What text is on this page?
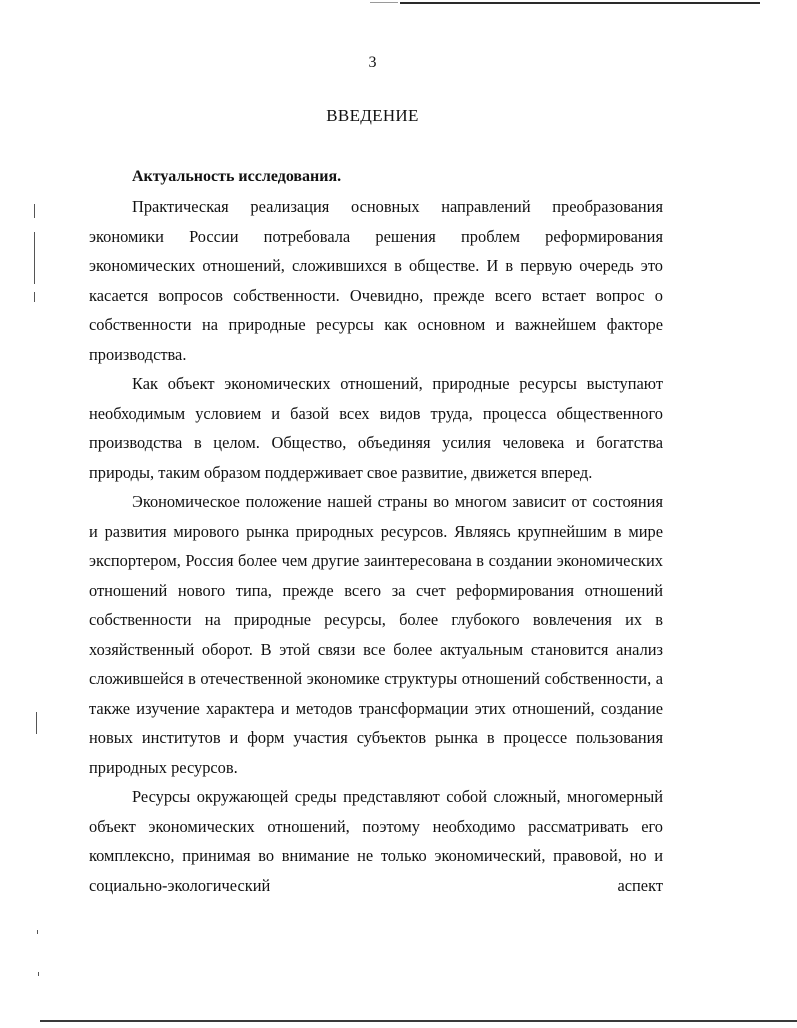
3
ВВЕДЕНИЕ
Актуальность исследования.

Практическая реализация основных направлений преобразования экономики России потребовала решения проблем реформирования экономических отношений, сложившихся в обществе. И в первую очередь это касается вопросов собственности. Очевидно, прежде всего встает вопрос о собственности на природные ресурсы как основном и важнейшем факторе производства.

Как объект экономических отношений, природные ресурсы выступают необходимым условием и базой всех видов труда, процесса общественного производства в целом. Общество, объединяя усилия человека и богатства природы, таким образом поддерживает свое развитие, движется вперед.

Экономическое положение нашей страны во многом зависит от состояния и развития мирового рынка природных ресурсов. Являясь крупнейшим в мире экспортером, Россия более чем другие заинтересована в создании экономических отношений нового типа, прежде всего за счет реформирования отношений собственности на природные ресурсы, более глубокого вовлечения их в хозяйственный оборот. В этой связи все более актуальным становится анализ сложившейся в отечественной экономике структуры отношений собственности, а также изучение характера и методов трансформации этих отношений, создание новых институтов и форм участия субъектов рынка в процессе пользования природных ресурсов.

Ресурсы окружающей среды представляют собой сложный, многомерный объект экономических отношений, поэтому необходимо рассматривать его комплексно, принимая во внимание не только экономический, правовой, но и социально-экологический аспект
